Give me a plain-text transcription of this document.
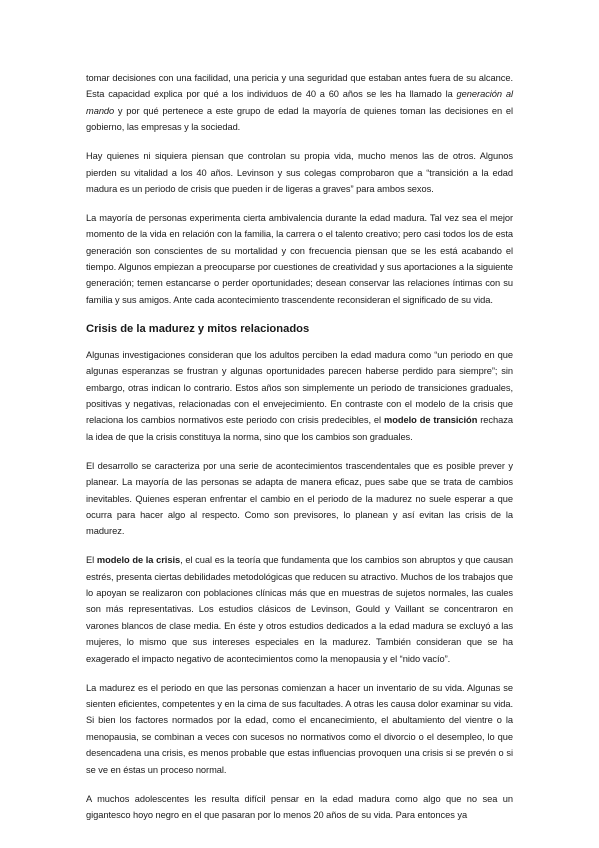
tomar decisiones con una facilidad, una pericia y una seguridad que estaban antes fuera de su alcance. Esta capacidad explica por qué a los individuos de 40 a 60 años se les ha llamado la generación al mando y por qué pertenece a este grupo de edad la mayoría de quienes toman las decisiones en el gobierno, las empresas y la sociedad.

Hay quienes ni siquiera piensan que controlan su propia vida, mucho menos las de otros. Algunos pierden su vitalidad a los 40 años. Levinson y sus colegas comprobaron que a “transición a la edad madura es un periodo de crisis que pueden ir de ligeras a graves” para ambos sexos.

La mayoría de personas experimenta cierta ambivalencia durante la edad madura. Tal vez sea el mejor momento de la vida en relación con la familia, la carrera o el talento creativo; pero casi todos los de esta generación son conscientes de su mortalidad y con frecuencia piensan que se les está acabando el tiempo. Algunos empiezan a preocuparse por cuestiones de creatividad y sus aportaciones a la siguiente generación; temen estancarse o perder oportunidades; desean conservar las relaciones íntimas con su familia y sus amigos. Ante cada acontecimiento trascendente reconsideran el significado de su vida.

Crisis de la madurez y mitos relacionados

Algunas investigaciones consideran que los adultos perciben la edad madura como “un periodo en que algunas esperanzas se frustran y algunas oportunidades parecen haberse perdido para siempre”; sin embargo, otras indican lo contrario. Estos años son simplemente un periodo de transiciones graduales, positivas y negativas, relacionadas con el envejecimiento. En contraste con el modelo de la crisis que relaciona los cambios normativos este periodo con crisis predecibles, el modelo de transición rechaza la idea de que la crisis constituya la norma, sino que los cambios son graduales.

El desarrollo se caracteriza por una serie de acontecimientos trascendentales que es posible prever y planear. La mayoría de las personas se adapta de manera eficaz, pues sabe que se trata de cambios inevitables. Quienes esperan enfrentar el cambio en el periodo de la madurez no suele esperar a que ocurra para hacer algo al respecto. Como son previsores, lo planean y así evitan las crisis de la madurez.

El modelo de la crisis, el cual es la teoría que fundamenta que los cambios son abruptos y que causan estrés, presenta ciertas debilidades metodológicas que reducen su atractivo. Muchos de los trabajos que lo apoyan se realizaron con poblaciones clínicas más que en muestras de sujetos normales, las cuales son más representativas. Los estudios clásicos de Levinson, Gould y Vaillant se concentraron en varones blancos de clase media. En éste y otros estudios dedicados a la edad madura se excluyó a las mujeres, lo mismo que sus intereses especiales en la madurez. También consideran que se ha exagerado el impacto negativo de acontecimientos como la menopausia y el “nido vacío”.

La madurez es el periodo en que las personas comienzan a hacer un inventario de su vida. Algunas se sienten eficientes, competentes y en la cima de sus facultades. A otras les causa dolor examinar su vida. Si bien los factores normados por la edad, como el encanecimiento, el abultamiento del vientre o la menopausia, se combinan a veces con sucesos no normativos como el divorcio o el desempleo, lo que desencadena una crisis, es menos probable que estas influencias provoquen una crisis si se prevén o si se ve en éstas un proceso normal.

A muchos adolescentes les resulta difícil pensar en la edad madura como algo que no sea un gigantesco hoyo negro en el que pasaran por lo menos 20 años de su vida. Para entonces ya
